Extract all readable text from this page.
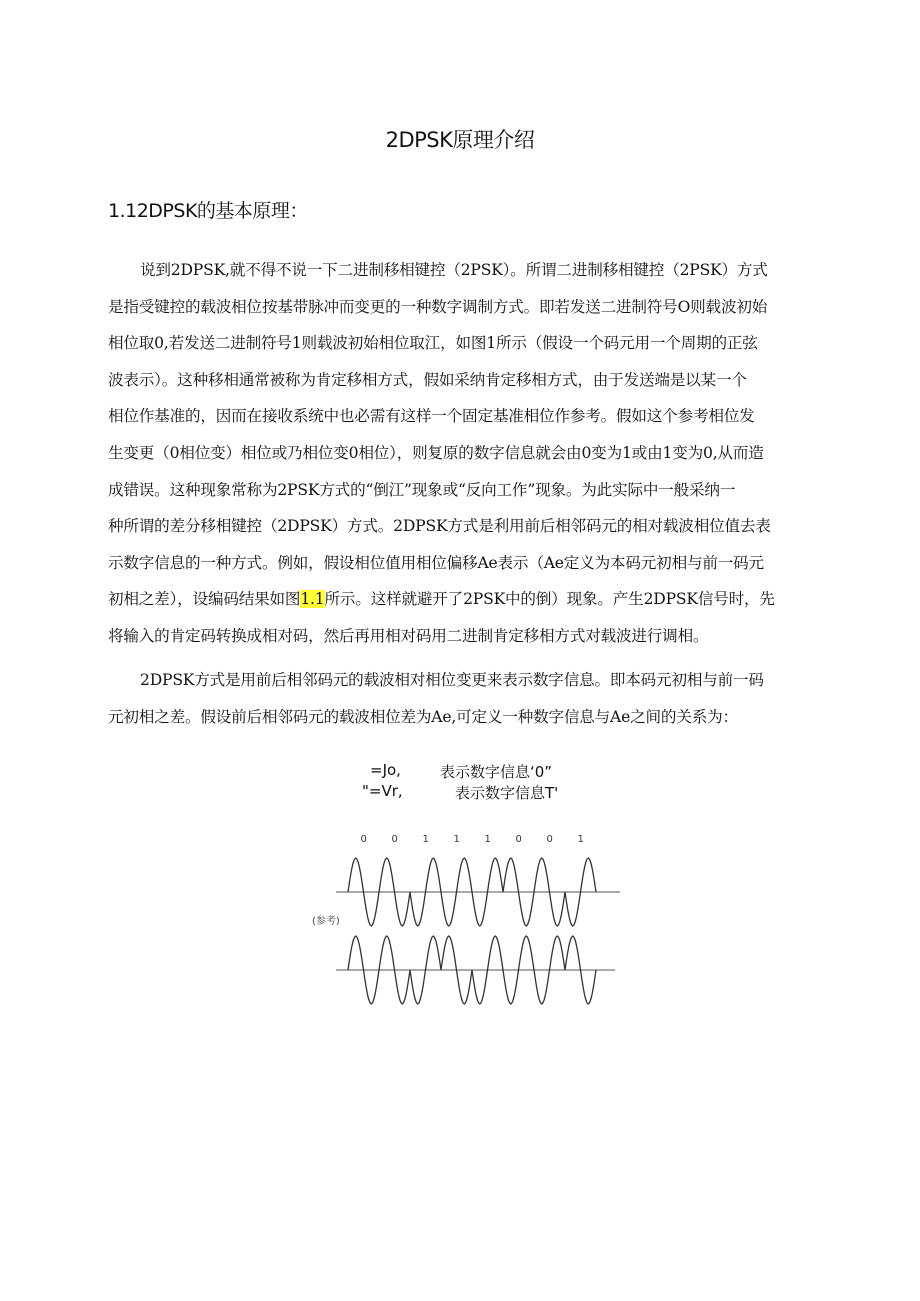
2DPSK原理介绍
1.12DPSK的基本原理：
说到2DPSK,就不得不说一下二进制移相键控（2PSK）。所谓二进制移相键控（2PSK）方式
是指受键控的载波相位按基带脉冲而变更的一种数字调制方式。即若发送二进制符号O则载波初始
相位取0,若发送二进制符号1则载波初始相位取江，如图1所示（假设一个码元用一个周期的正弦
波表示）。这种移相通常被称为肯定移相方式，假如采纳肯定移相方式，由于发送端是以某一个
相位作基准的，因而在接收系统中也必需有这样一个固定基准相位作参考。假如这个参考相位发
生变更（0相位变）相位或乃相位变0相位），则复原的数字信息就会由0变为1或由1变为0,从而造
成错误。这种现象常称为2PSK方式的“倒江”现象或“反向工作”现象。为此实际中一般采纳一
种所谓的差分移相键控（2DPSK）方式。2DPSK方式是利用前后相邻码元的相对载波相位值去表
示数字信息的一种方式。例如，假设相位值用相位偏移Ae表示（Ae定义为本码元初相与前一码元
初相之差），设编码结果如图1.1所示。这样就避开了2PSK中的倒）现象。产生2DPSK信号时，先
将输入的肯定码转换成相对码，然后再用相对码用二进制肯定移相方式对载波进行调相。
2DPSK方式是用前后相邻码元的载波相对相位变更来表示数字信息。即本码元初相与前一码
元初相之差。假设前后相邻码元的载波相位差为Ae,可定义一种数字信息与Ae之间的关系为：
=Jo,	表示数字信息‘0”
"=Vr,	表示数字信息T'
0 0 1 1 1 0 0 1
(参考)
